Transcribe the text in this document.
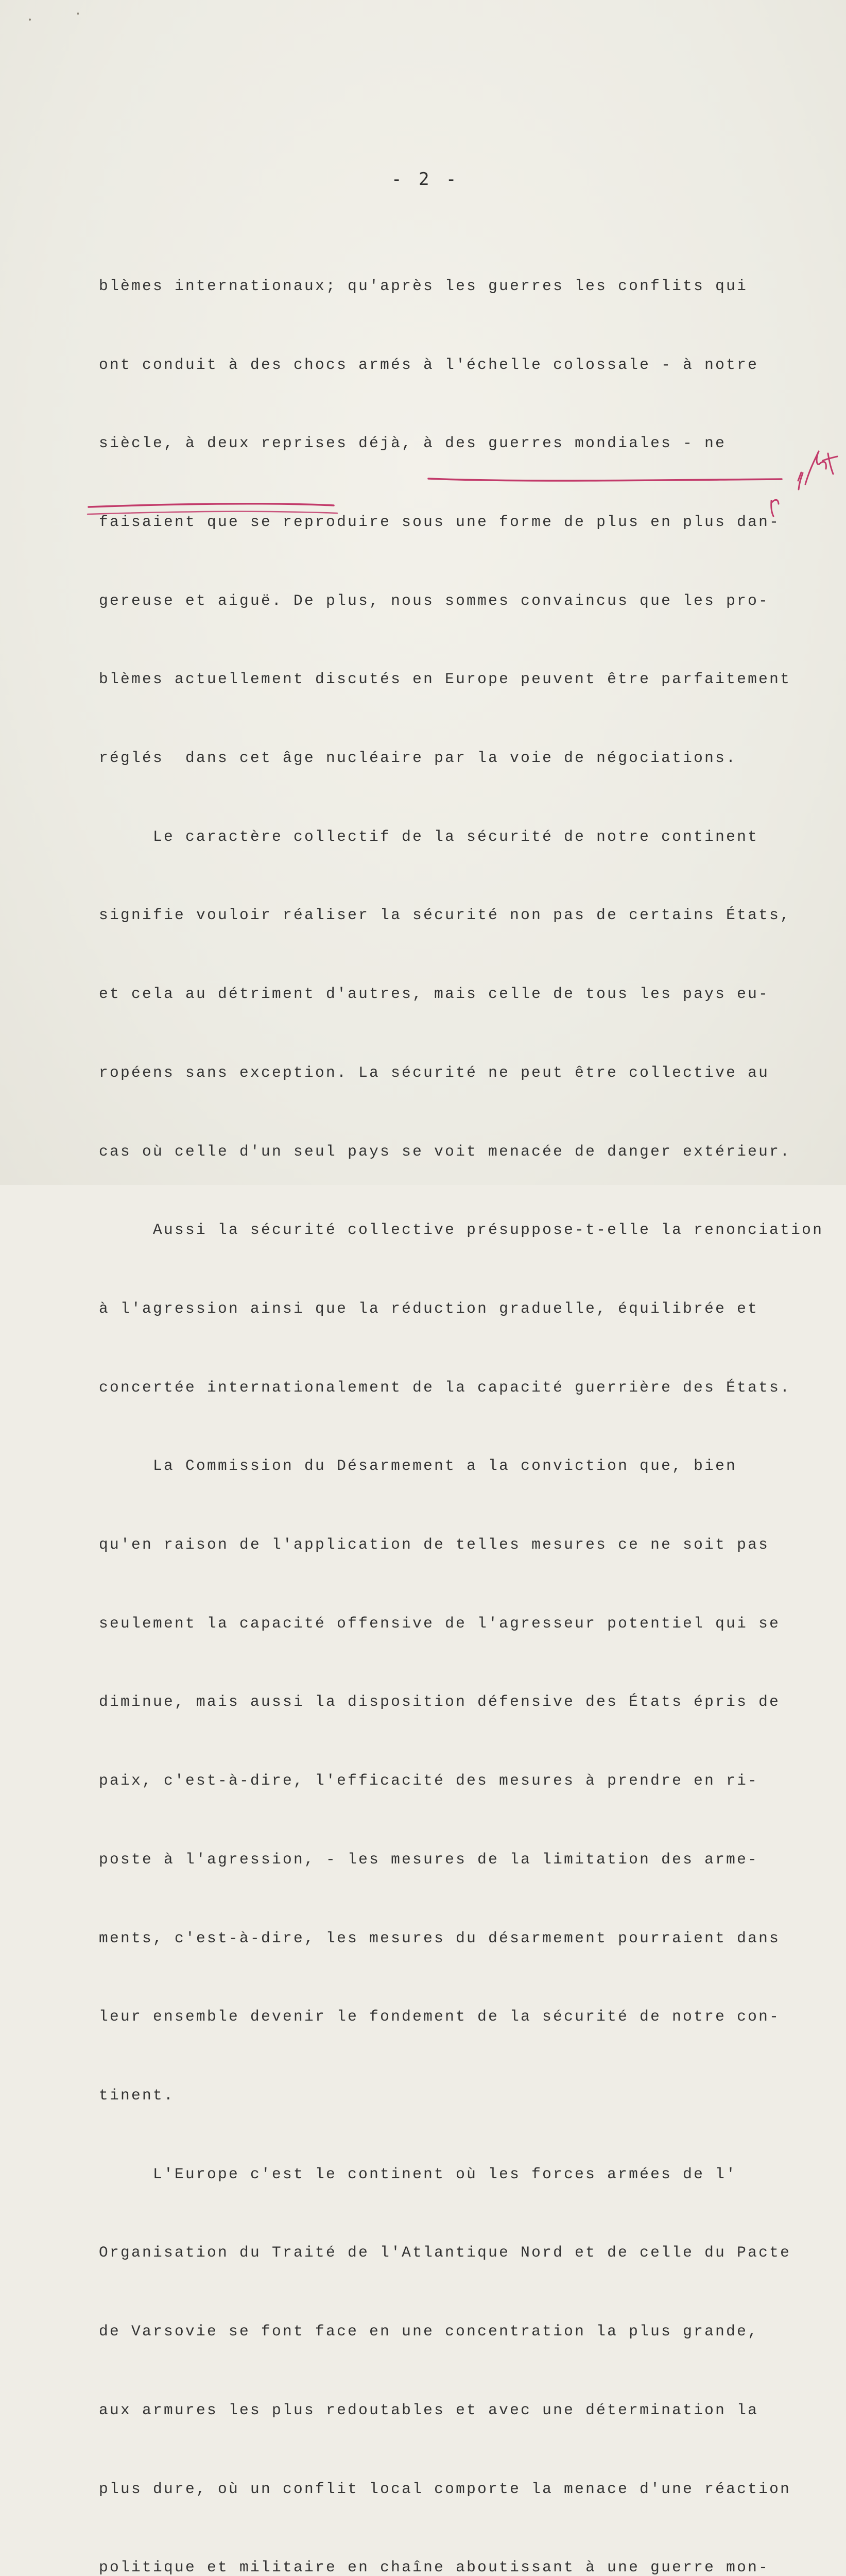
- 2 -

blèmes internationaux; qu'après les guerres les conflits qui

ont conduit à des chocs armés à l'échelle colossale - à notre

siècle, à deux reprises déjà, à des guerres mondiales - ne

faisaient que se reproduire sous une forme de plus en plus dan-

gereuse et aiguë. De plus, nous sommes convaincus que les pro-

blèmes actuellement discutés en Europe peuvent être parfaitement

réglés  dans cet âge nucléaire par la voie de négociations.

Le caractère collectif de la sécurité de notre continent

signifie vouloir réaliser la sécurité non pas de certains États,

et cela au détriment d'autres, mais celle de tous les pays eu-

ropéens sans exception. La sécurité ne peut être collective au

cas où celle d'un seul pays se voit menacée de danger extérieur.

Aussi la sécurité collective présuppose-t-elle la renonciation

à l'agression ainsi que la réduction graduelle, équilibrée et

concertée internationalement de la capacité guerrière des États.

La Commission du Désarmement a la conviction que, bien

qu'en raison de l'application de telles mesures ce ne soit pas

seulement la capacité offensive de l'agresseur potentiel qui se

diminue, mais aussi la disposition défensive des États épris de

paix, c'est-à-dire, l'efficacité des mesures à prendre en ri-

poste à l'agression, - les mesures de la limitation des arme-

ments, c'est-à-dire, les mesures du désarmement pourraient dans

leur ensemble devenir le fondement de la sécurité de notre con-

tinent.

L'Europe c'est le continent où les forces armées de l'

Organisation du Traité de l'Atlantique Nord et de celle du Pacte

de Varsovie se font face en une concentration la plus grande,

aux armures les plus redoutables et avec une détermination la

plus dure, où un conflit local comporte la menace d'une réaction

politique et militaire en chaîne aboutissant à une guerre mon-
